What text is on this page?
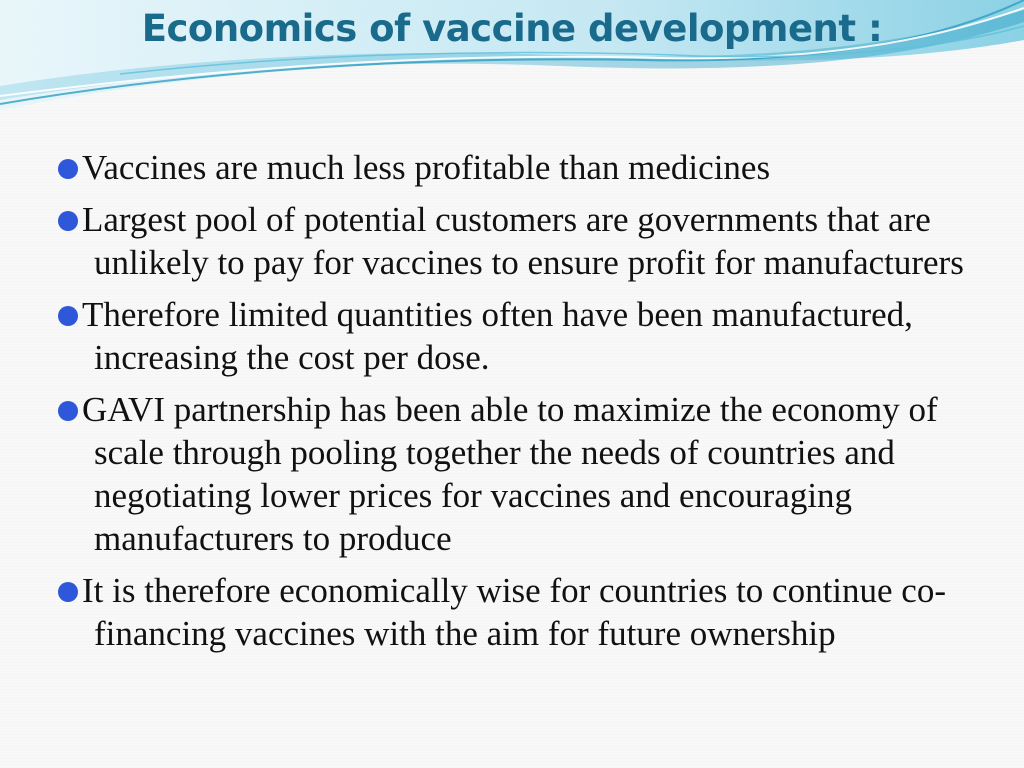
Economics of vaccine development :
Vaccines are much less profitable than medicines
Largest pool of potential customers are governments that are unlikely to pay for vaccines to ensure profit for manufacturers
Therefore limited quantities often have been manufactured, increasing the cost per dose.
GAVI partnership has been able to maximize the economy of scale through pooling together the needs of countries and negotiating lower prices for vaccines and encouraging manufacturers to produce
It is therefore economically wise for countries to continue co-financing vaccines with the aim for future ownership
